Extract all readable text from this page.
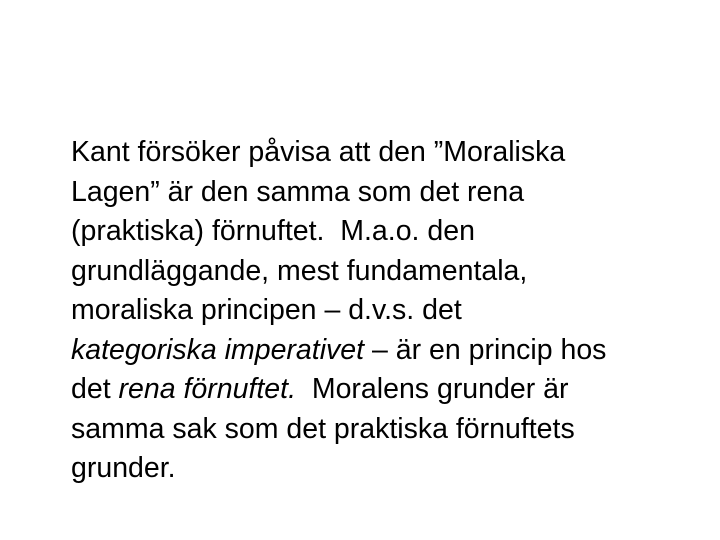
Kant försöker påvisa att den ”Moraliska
Lagen” är den samma som det rena
(praktiska) förnuftet.  M.a.o. den
grundläggande, mest fundamentala,
moraliska principen – d.v.s. det
kategoriska imperativet – är en princip hos
det rena förnuftet.  Moralens grunder är
samma sak som det praktiska förnuftets
grunder.
